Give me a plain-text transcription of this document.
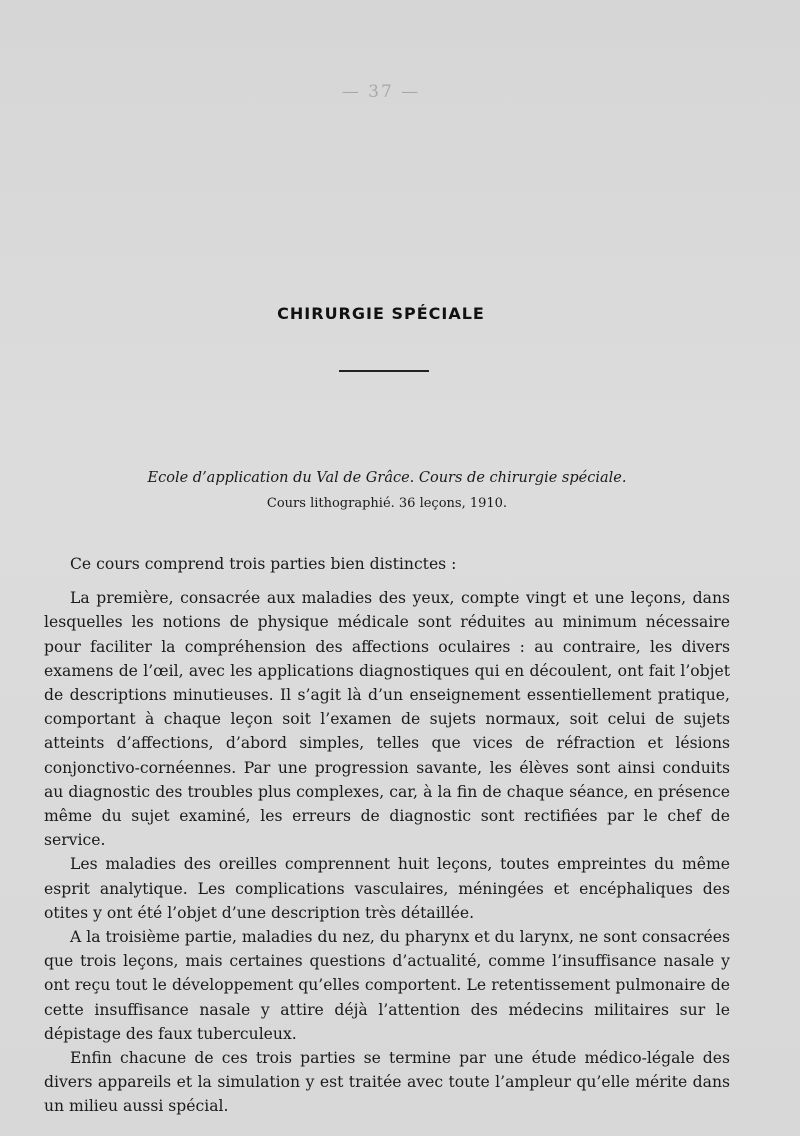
— 37 —
CHIRURGIE SPÉCIALE
Ecole d’application du Val de Grâce. Cours de chirurgie spéciale.
Cours lithographié. 36 leçons, 1910.

Ce cours comprend trois parties bien distinctes :

La première, consacrée aux maladies des yeux, compte vingt et une leçons, dans lesquelles les notions de physique médicale sont réduites au minimum nécessaire pour faciliter la compréhension des affections oculaires : au contraire, les divers examens de l’œil, avec les applications diagnostiques qui en découlent, ont fait l’objet de descriptions minutieuses. Il s’agit là d’un enseignement essentiellement pratique, comportant à chaque leçon soit l’examen de sujets normaux, soit celui de sujets atteints d’affections, d’abord simples, telles que vices de réfraction et lésions conjonctivo-cornéennes. Par une progression savante, les élèves sont ainsi conduits au diagnostic des troubles plus complexes, car, à la fin de chaque séance, en présence même du sujet examiné, les erreurs de diagnostic sont rectifiées par le chef de service.

Les maladies des oreilles comprennent huit leçons, toutes empreintes du même esprit analytique. Les complications vasculaires, méningées et encéphaliques des otites y ont été l’objet d’une description très détaillée.

A la troisième partie, maladies du nez, du pharynx et du larynx, ne sont consacrées que trois leçons, mais certaines questions d’actualité, comme l’insuffisance nasale y ont reçu tout le développement qu’elles comportent. Le retentissement pulmonaire de cette insuffisance nasale y attire déjà l’attention des médecins militaires sur le dépistage des faux tuberculeux.

Enfin chacune de ces trois parties se termine par une étude médico-légale des divers appareils et la simulation y est traitée avec toute l’ampleur qu’elle mérite dans un milieu aussi spécial.
